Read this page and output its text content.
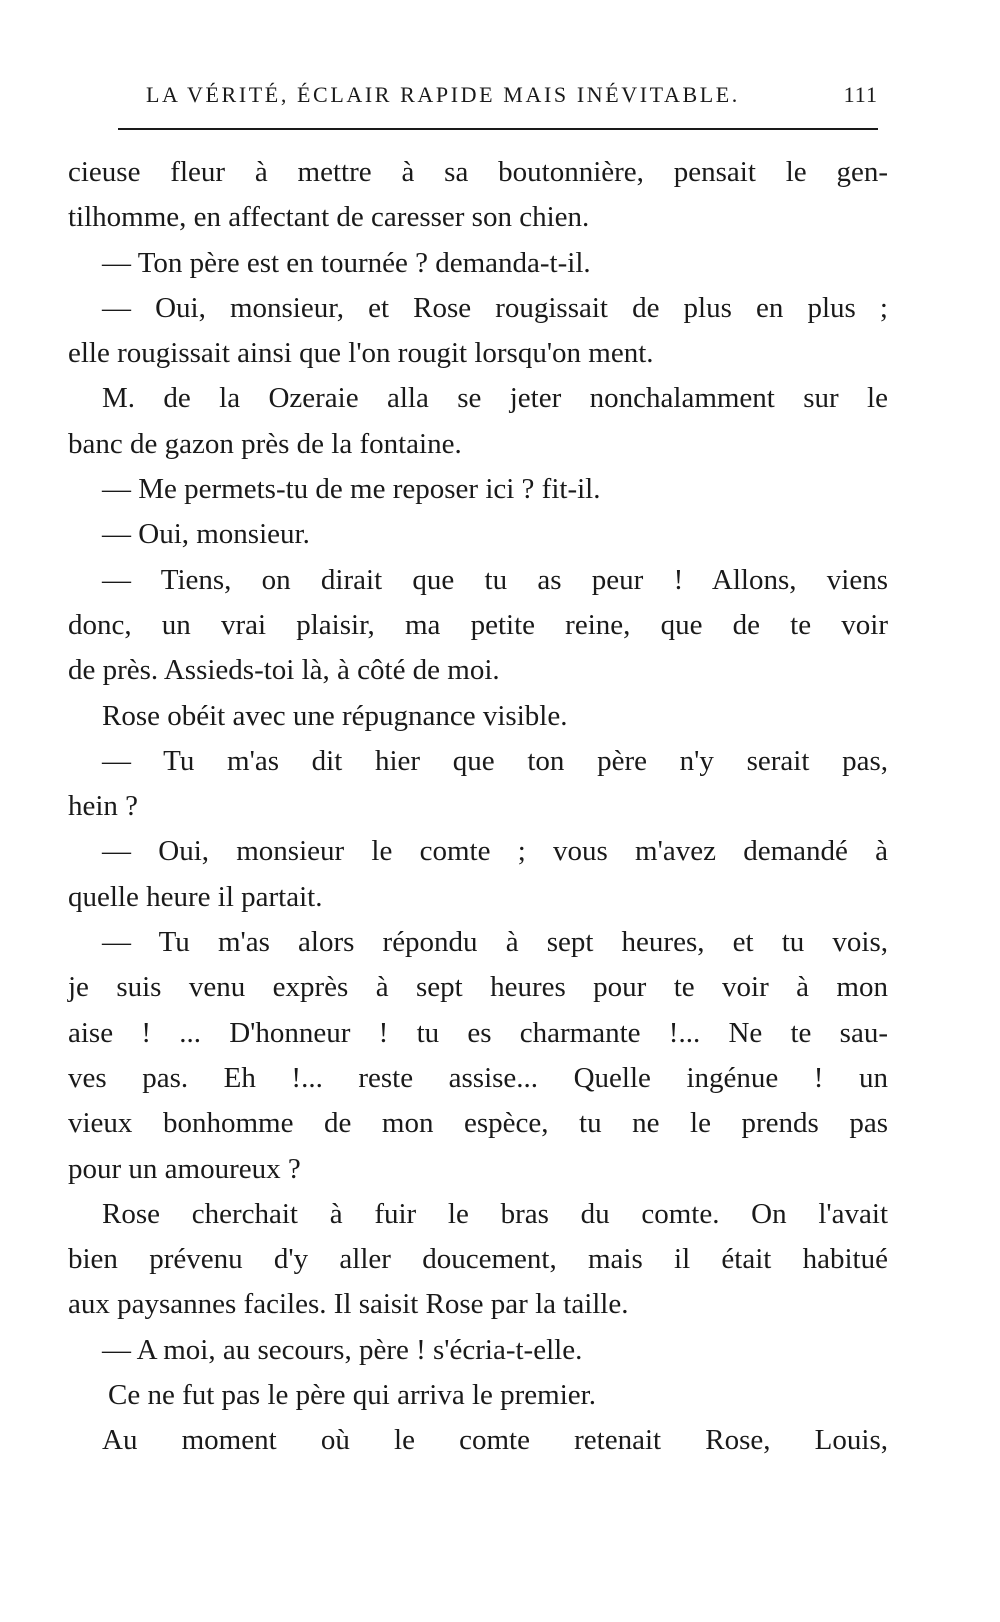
LA VÉRITÉ, ÉCLAIR RAPIDE MAIS INÉVITABLE.	111
cieuse fleur à mettre à sa boutonnière, pensait le gen-
tilhomme, en affectant de caresser son chien.
— Ton père est en tournée ? demanda-t-il.
— Oui, monsieur, et Rose rougissait de plus en plus ;
elle rougissait ainsi que l'on rougit lorsqu'on ment.
M. de la Ozeraie alla se jeter nonchalamment sur le
banc de gazon près de la fontaine.
— Me permets-tu de me reposer ici ? fit-il.
— Oui, monsieur.
— Tiens, on dirait que tu as peur ! Allons, viens
donc, un vrai plaisir, ma petite reine, que de te voir
de près. Assieds-toi là, à côté de moi.
Rose obéit avec une répugnance visible.
— Tu m'as dit hier que ton père n'y serait pas,
hein ?
— Oui, monsieur le comte ; vous m'avez demandé à
quelle heure il partait.
— Tu m'as alors répondu à sept heures, et tu vois,
je suis venu exprès à sept heures pour te voir à mon
aise ! ... D'honneur ! tu es charmante !... Ne te sau-
ves pas. Eh !... reste assise... Quelle ingénue ! un
vieux bonhomme de mon espèce, tu ne le prends pas
pour un amoureux ?
Rose cherchait à fuir le bras du comte. On l'avait
bien prévenu d'y aller doucement, mais il était habitué
aux paysannes faciles. Il saisit Rose par la taille.
— A moi, au secours, père ! s'écria-t-elle.
Ce ne fut pas le père qui arriva le premier.
Au moment où le comte retenait Rose, Louis,
